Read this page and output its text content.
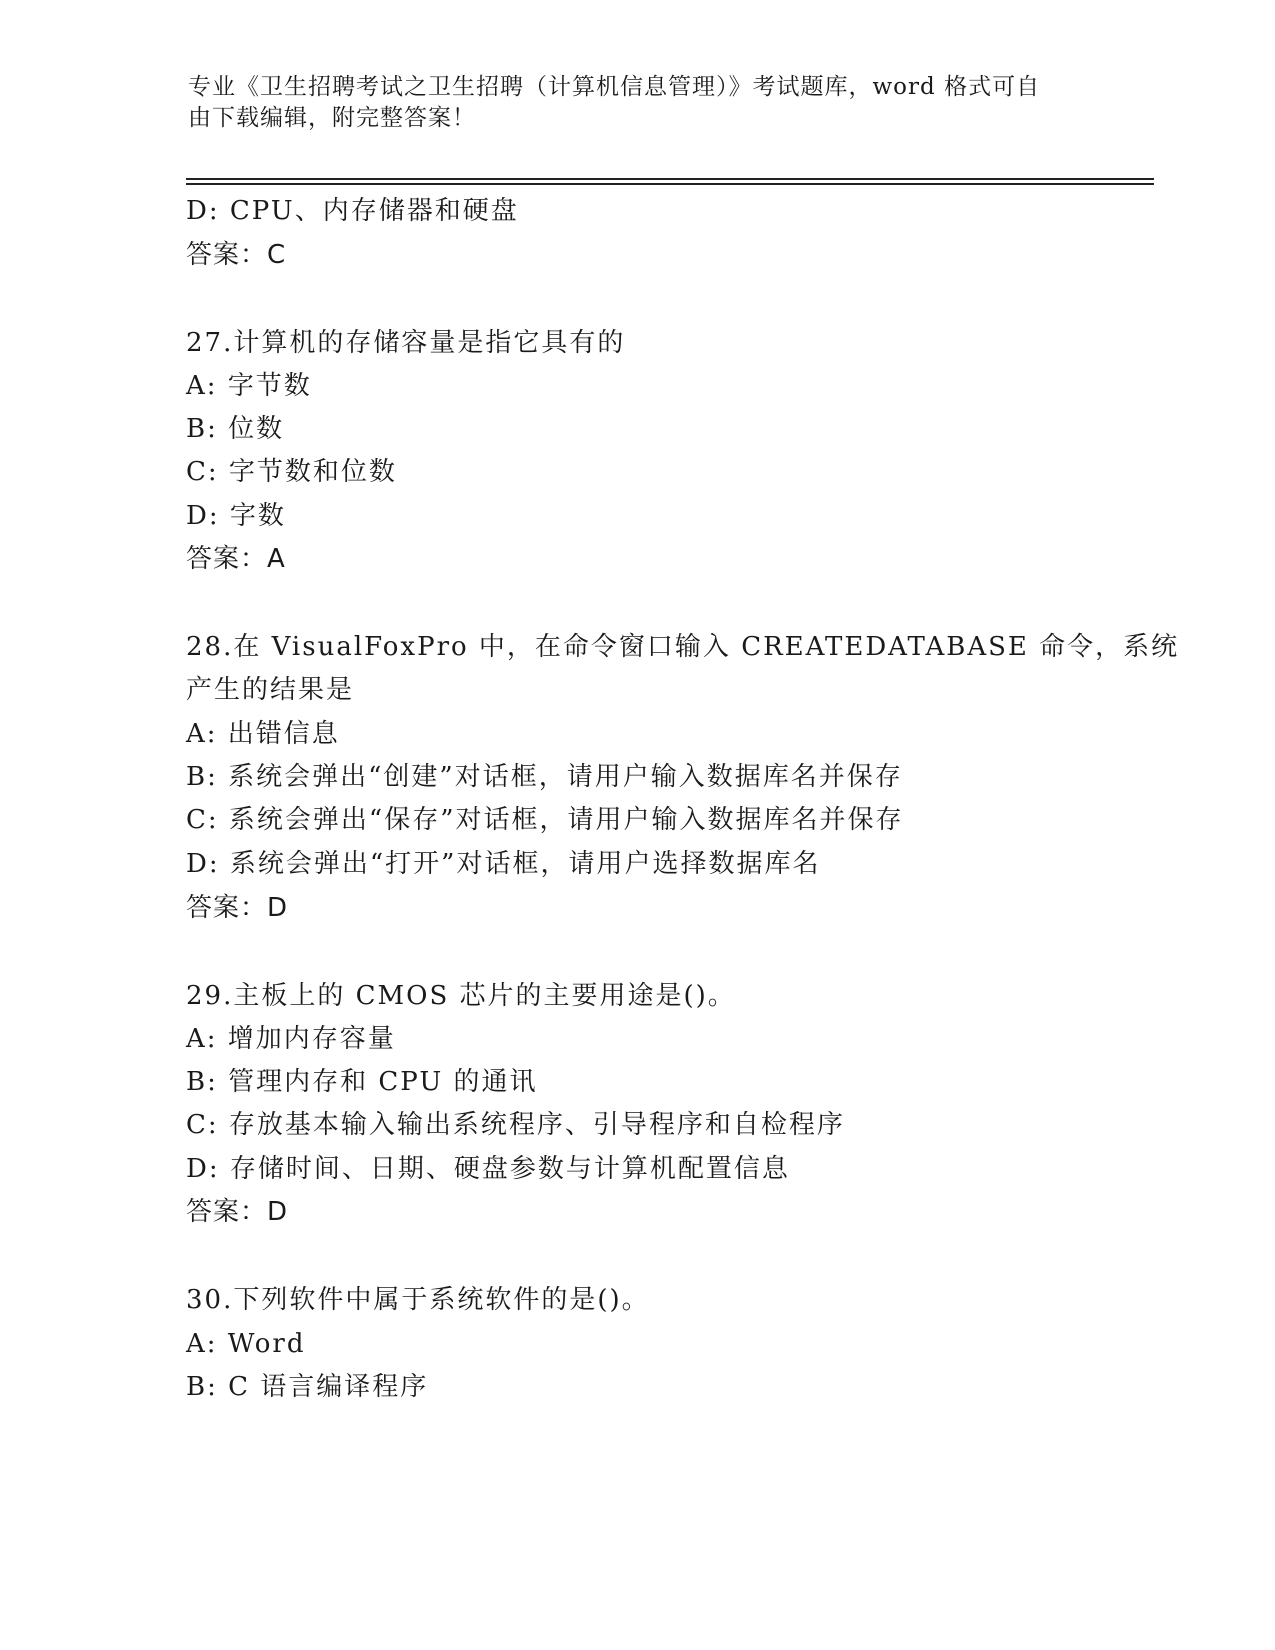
专业《卫生招聘考试之卫生招聘（计算机信息管理）》考试题库，word 格式可自
由下载编辑，附完整答案！
D: CPU、内存储器和硬盘
答案：C
27.计算机的存储容量是指它具有的
A: 字节数
B: 位数
C: 字节数和位数
D: 字数
答案：A
28.在 VisualFoxPro 中，在命令窗口输入 CREATEDATABASE 命令，系统
产生的结果是
A: 出错信息
B: 系统会弹出“创建”对话框，请用户输入数据库名并保存
C: 系统会弹出“保存”对话框，请用户输入数据库名并保存
D: 系统会弹出“打开”对话框，请用户选择数据库名
答案：D
29.主板上的 CMOS 芯片的主要用途是()。
A: 增加内存容量
B: 管理内存和 CPU 的通讯
C: 存放基本输入输出系统程序、引导程序和自检程序
D: 存储时间、日期、硬盘参数与计算机配置信息
答案：D
30.下列软件中属于系统软件的是()。
A: Word
B: C 语言编译程序
